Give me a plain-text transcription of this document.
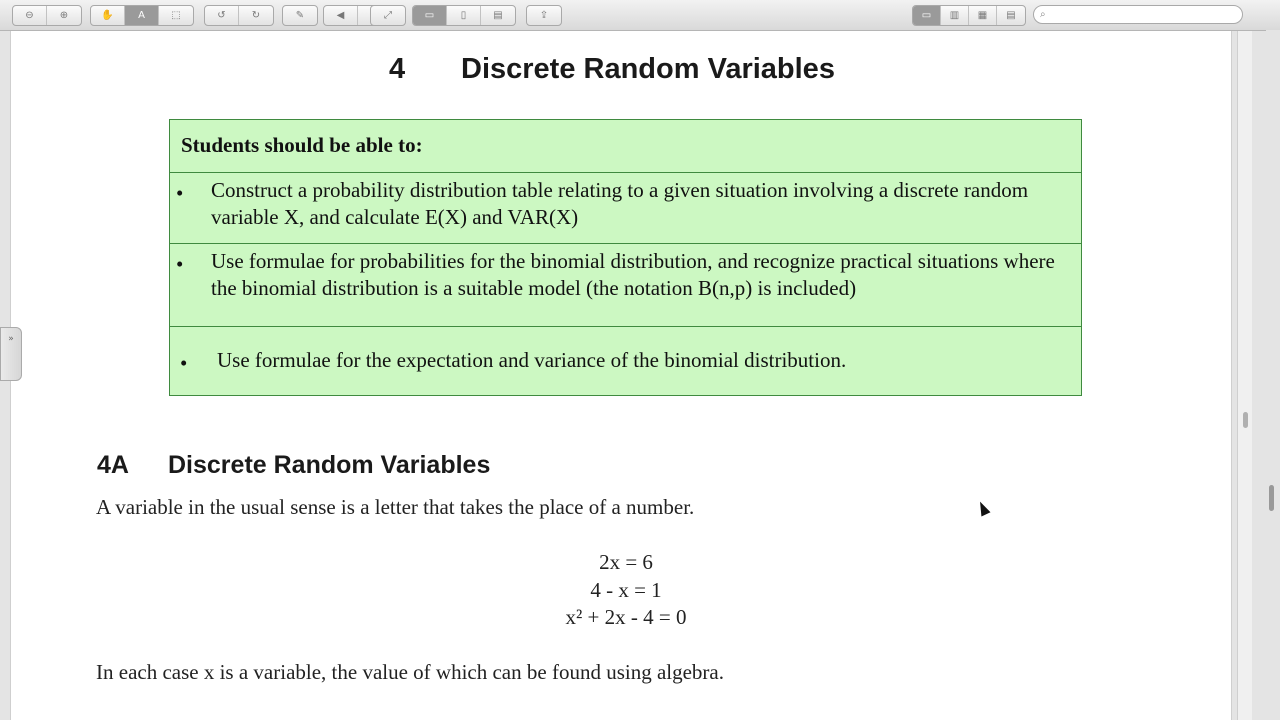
⊖	⊕	✋	A	⬚	↺	↻	✎	◀	⤢	▭	▯	▤	⇪	▭	▥	▦	▤	⌕
4 Discrete Random Variables
Students should be able to:
• Construct a probability distribution table relating to a given situation involving a discrete random variable X, and calculate E(X) and VAR(X)
• Use formulae for probabilities for the binomial distribution, and recognize practical situations where the binomial distribution is a suitable model (the notation B(n,p) is included)
• Use formulae for the expectation and variance of the binomial distribution.
4A Discrete Random Variables
A variable in the usual sense is a letter that takes the place of a number.
2x = 6
4 - x = 1
x² + 2x - 4 = 0
In each case x is a variable, the value of which can be found using algebra.
»
